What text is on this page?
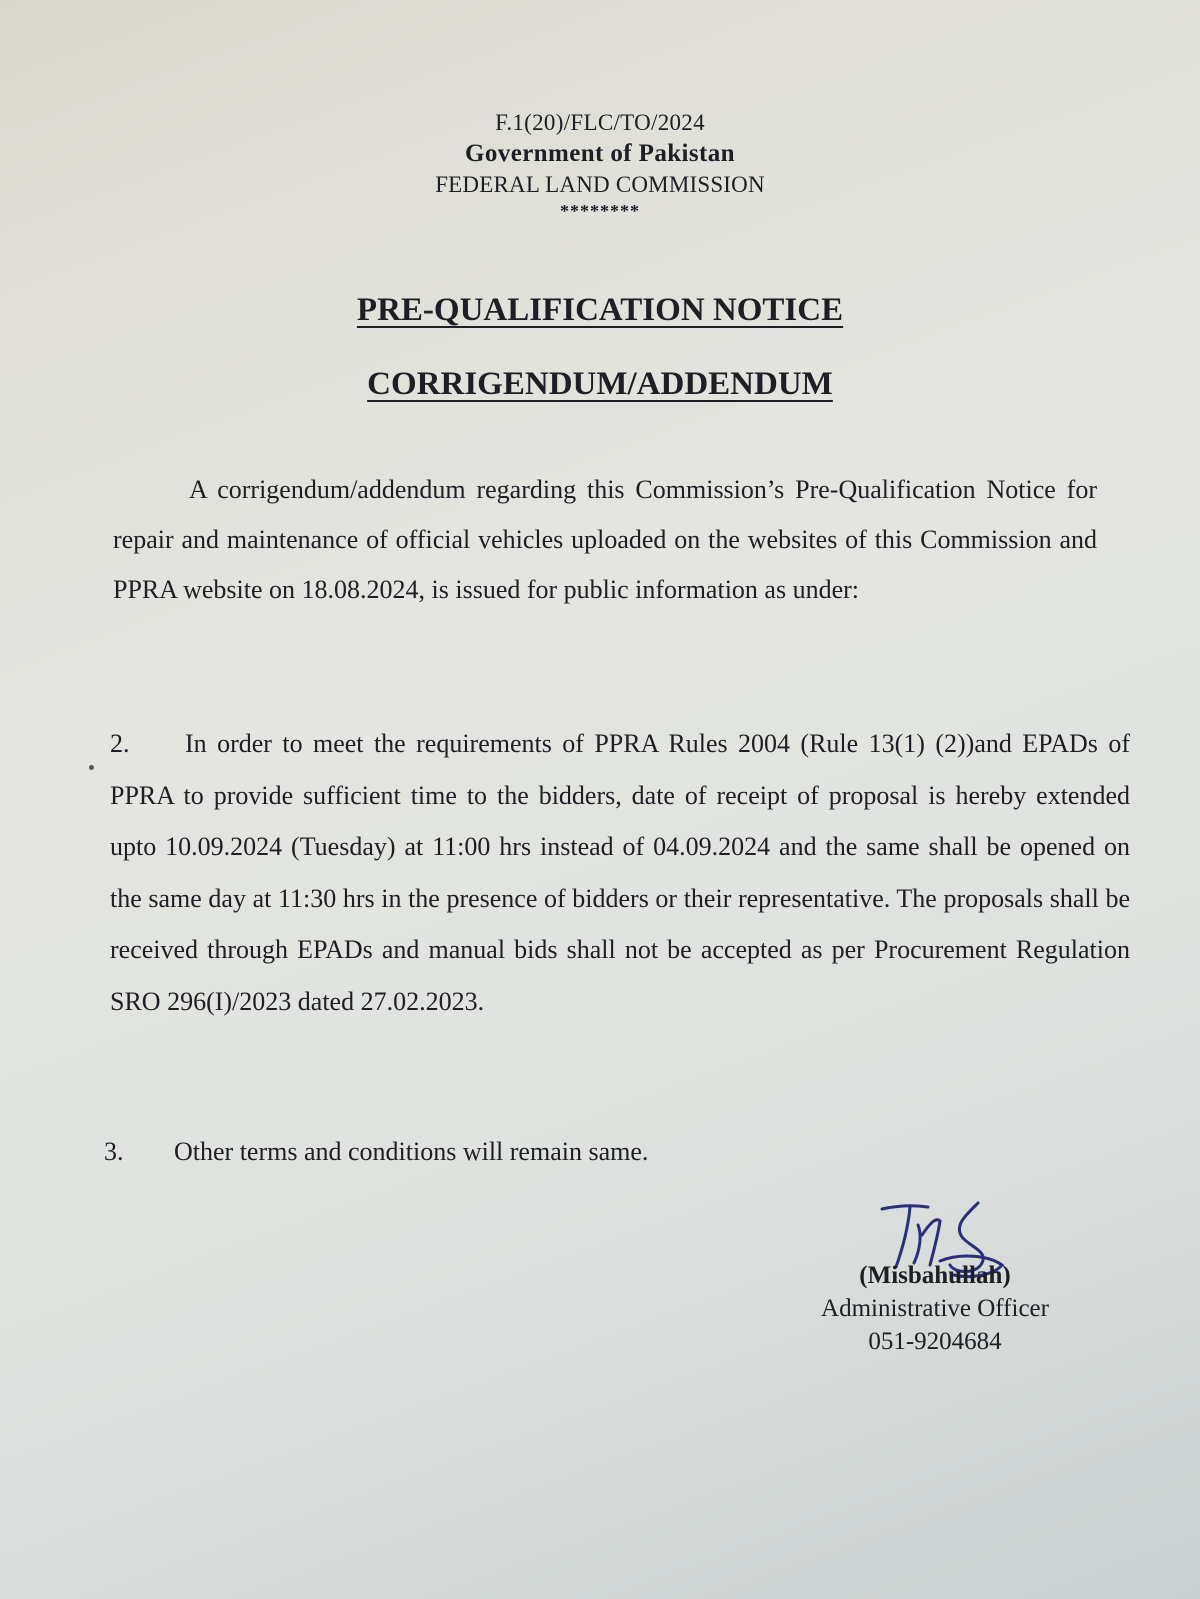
F.1(20)/FLC/TO/2024
Government of Pakistan
FEDERAL LAND COMMISSION
********
PRE-QUALIFICATION NOTICE
CORRIGENDUM/ADDENDUM

A corrigendum/addendum regarding this Commission’s Pre-Qualification Notice for repair and maintenance of official vehicles uploaded on the websites of this Commission and PPRA website on 18.08.2024, is issued for public information as under:

2. In order to meet the requirements of PPRA Rules 2004 (Rule 13(1) (2))and EPADs of PPRA to provide sufficient time to the bidders, date of receipt of proposal is hereby extended upto 10.09.2024 (Tuesday) at 11:00 hrs instead of 04.09.2024 and the same shall be opened on the same day at 11:30 hrs in the presence of bidders or their representative. The proposals shall be received through EPADs and manual bids shall not be accepted as per Procurement Regulation SRO 296(I)/2023 dated 27.02.2023.

3. Other terms and conditions will remain same.

(Misbahullah)
Administrative Officer
051-9204684
